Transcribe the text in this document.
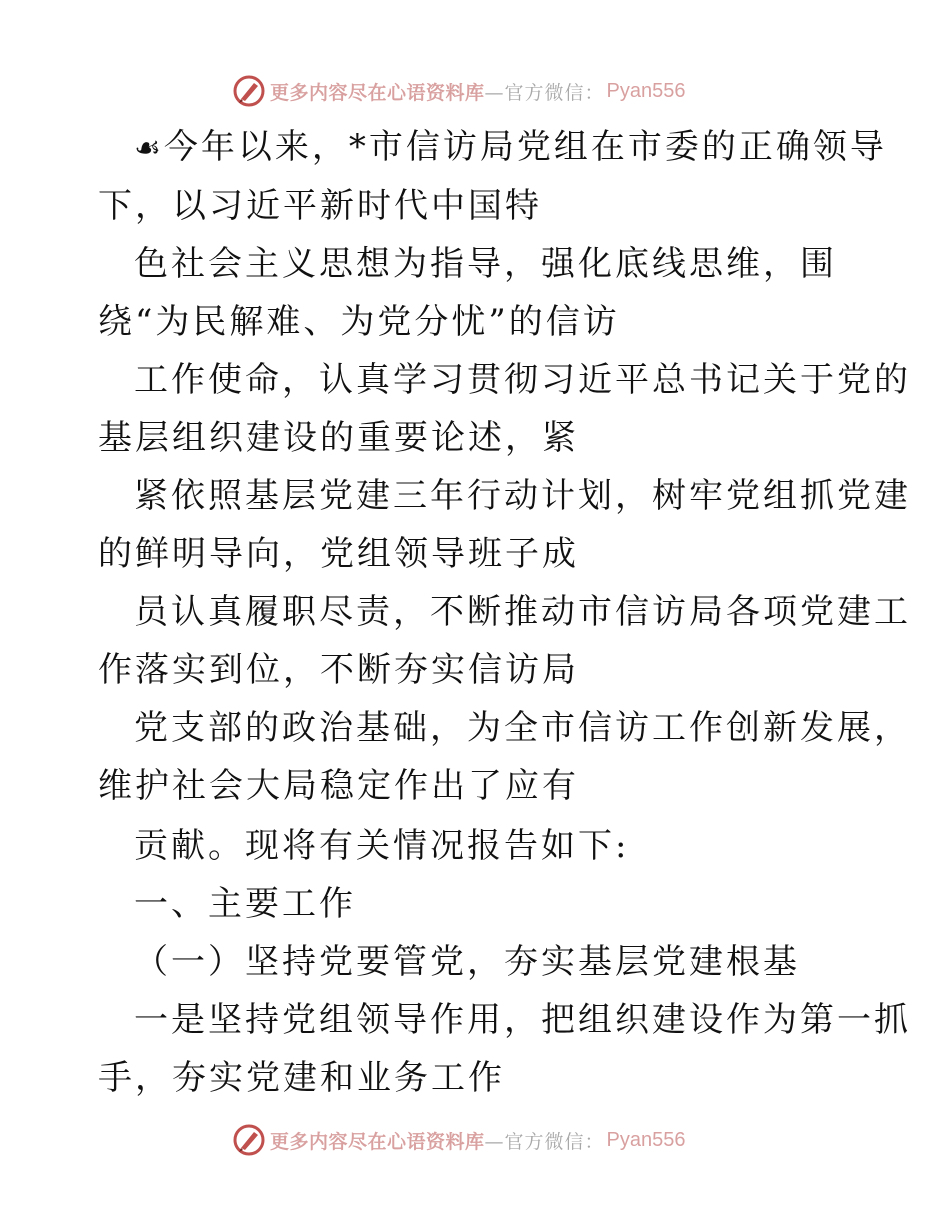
更多内容尽在心语资料库 —官方微信： Pyan556
☙今年以来，*市信访局党组在市委的正确领导
下，以习近平新时代中国特
色社会主义思想为指导，强化底线思维，围
绕“为民解难、为党分忧”的信访
工作使命，认真学习贯彻习近平总书记关于党的
基层组织建设的重要论述，紧
紧依照基层党建三年行动计划，树牢党组抓党建
的鲜明导向，党组领导班子成
员认真履职尽责，不断推动市信访局各项党建工
作落实到位，不断夯实信访局
党支部的政治基础，为全市信访工作创新发展，
维护社会大局稳定作出了应有
贡献。现将有关情况报告如下:
一、主要工作
（一）坚持党要管党，夯实基层党建根基
一是坚持党组领导作用，把组织建设作为第一抓
手，夯实党建和业务工作
更多内容尽在心语资料库 —官方微信： Pyan556
